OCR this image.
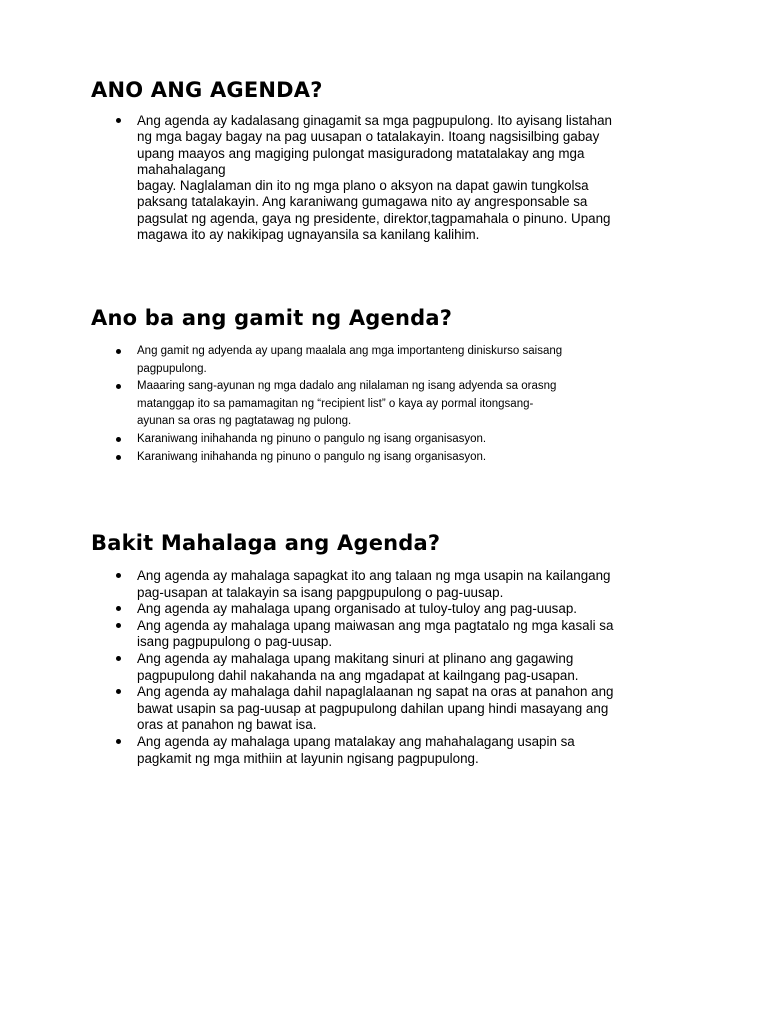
ANO ANG AGENDA?
Ang agenda ay kadalasang ginagamit sa mga pagpupulong. Ito ayisang listahan
ng mga bagay bagay na pag uusapan o tatalakayin. Itoang nagsisilbing gabay
upang maayos ang magiging pulongat masiguradong matatalakay ang mga
mahahalagang
bagay. Naglalaman din ito ng mga plano o aksyon na dapat gawin tungkolsa
paksang tatalakayin. Ang karaniwang gumagawa nito ay angresponsable sa
pagsulat ng agenda, gaya ng presidente, direktor,tagpamahala o pinuno. Upang
magawa ito ay nakikipag ugnayansila sa kanilang kalihim.
Ano ba ang gamit ng Agenda?
Ang gamit ng adyenda ay upang maalala ang mga importanteng diniskurso saisang
pagpupulong.
Maaaring sang-ayunan ng mga dadalo ang nilalaman ng isang adyenda sa orasng
matanggap ito sa pamamagitan ng “recipient list” o kaya ay pormal itongsang-
ayunan sa oras ng pagtatawag ng pulong.
Karaniwang inihahanda ng pinuno o pangulo ng isang organisasyon.
Karaniwang inihahanda ng pinuno o pangulo ng isang organisasyon.
Bakit Mahalaga ang Agenda?
Ang agenda ay mahalaga sapagkat ito ang talaan ng mga usapin na kailangang
pag-usapan at talakayin sa isang papgpupulong o pag-uusap.
Ang agenda ay mahalaga upang organisado at tuloy-tuloy ang pag-uusap.
Ang agenda ay mahalaga upang maiwasan ang mga pagtatalo ng mga kasali sa
isang pagpupulong o pag-uusap.
Ang agenda ay mahalaga upang makitang sinuri at plinano ang gagawing
pagpupulong dahil nakahanda na ang mgadapat at kailngang pag-usapan.
Ang agenda ay mahalaga dahil napaglalaanan ng sapat na oras at panahon ang
bawat usapin sa pag-uusap at pagpupulong dahilan upang hindi masayang ang
oras at panahon ng bawat isa.
Ang agenda ay mahalaga upang matalakay ang mahahalagang usapin sa
pagkamit ng mga mithiin at layunin ngisang pagpupulong.
